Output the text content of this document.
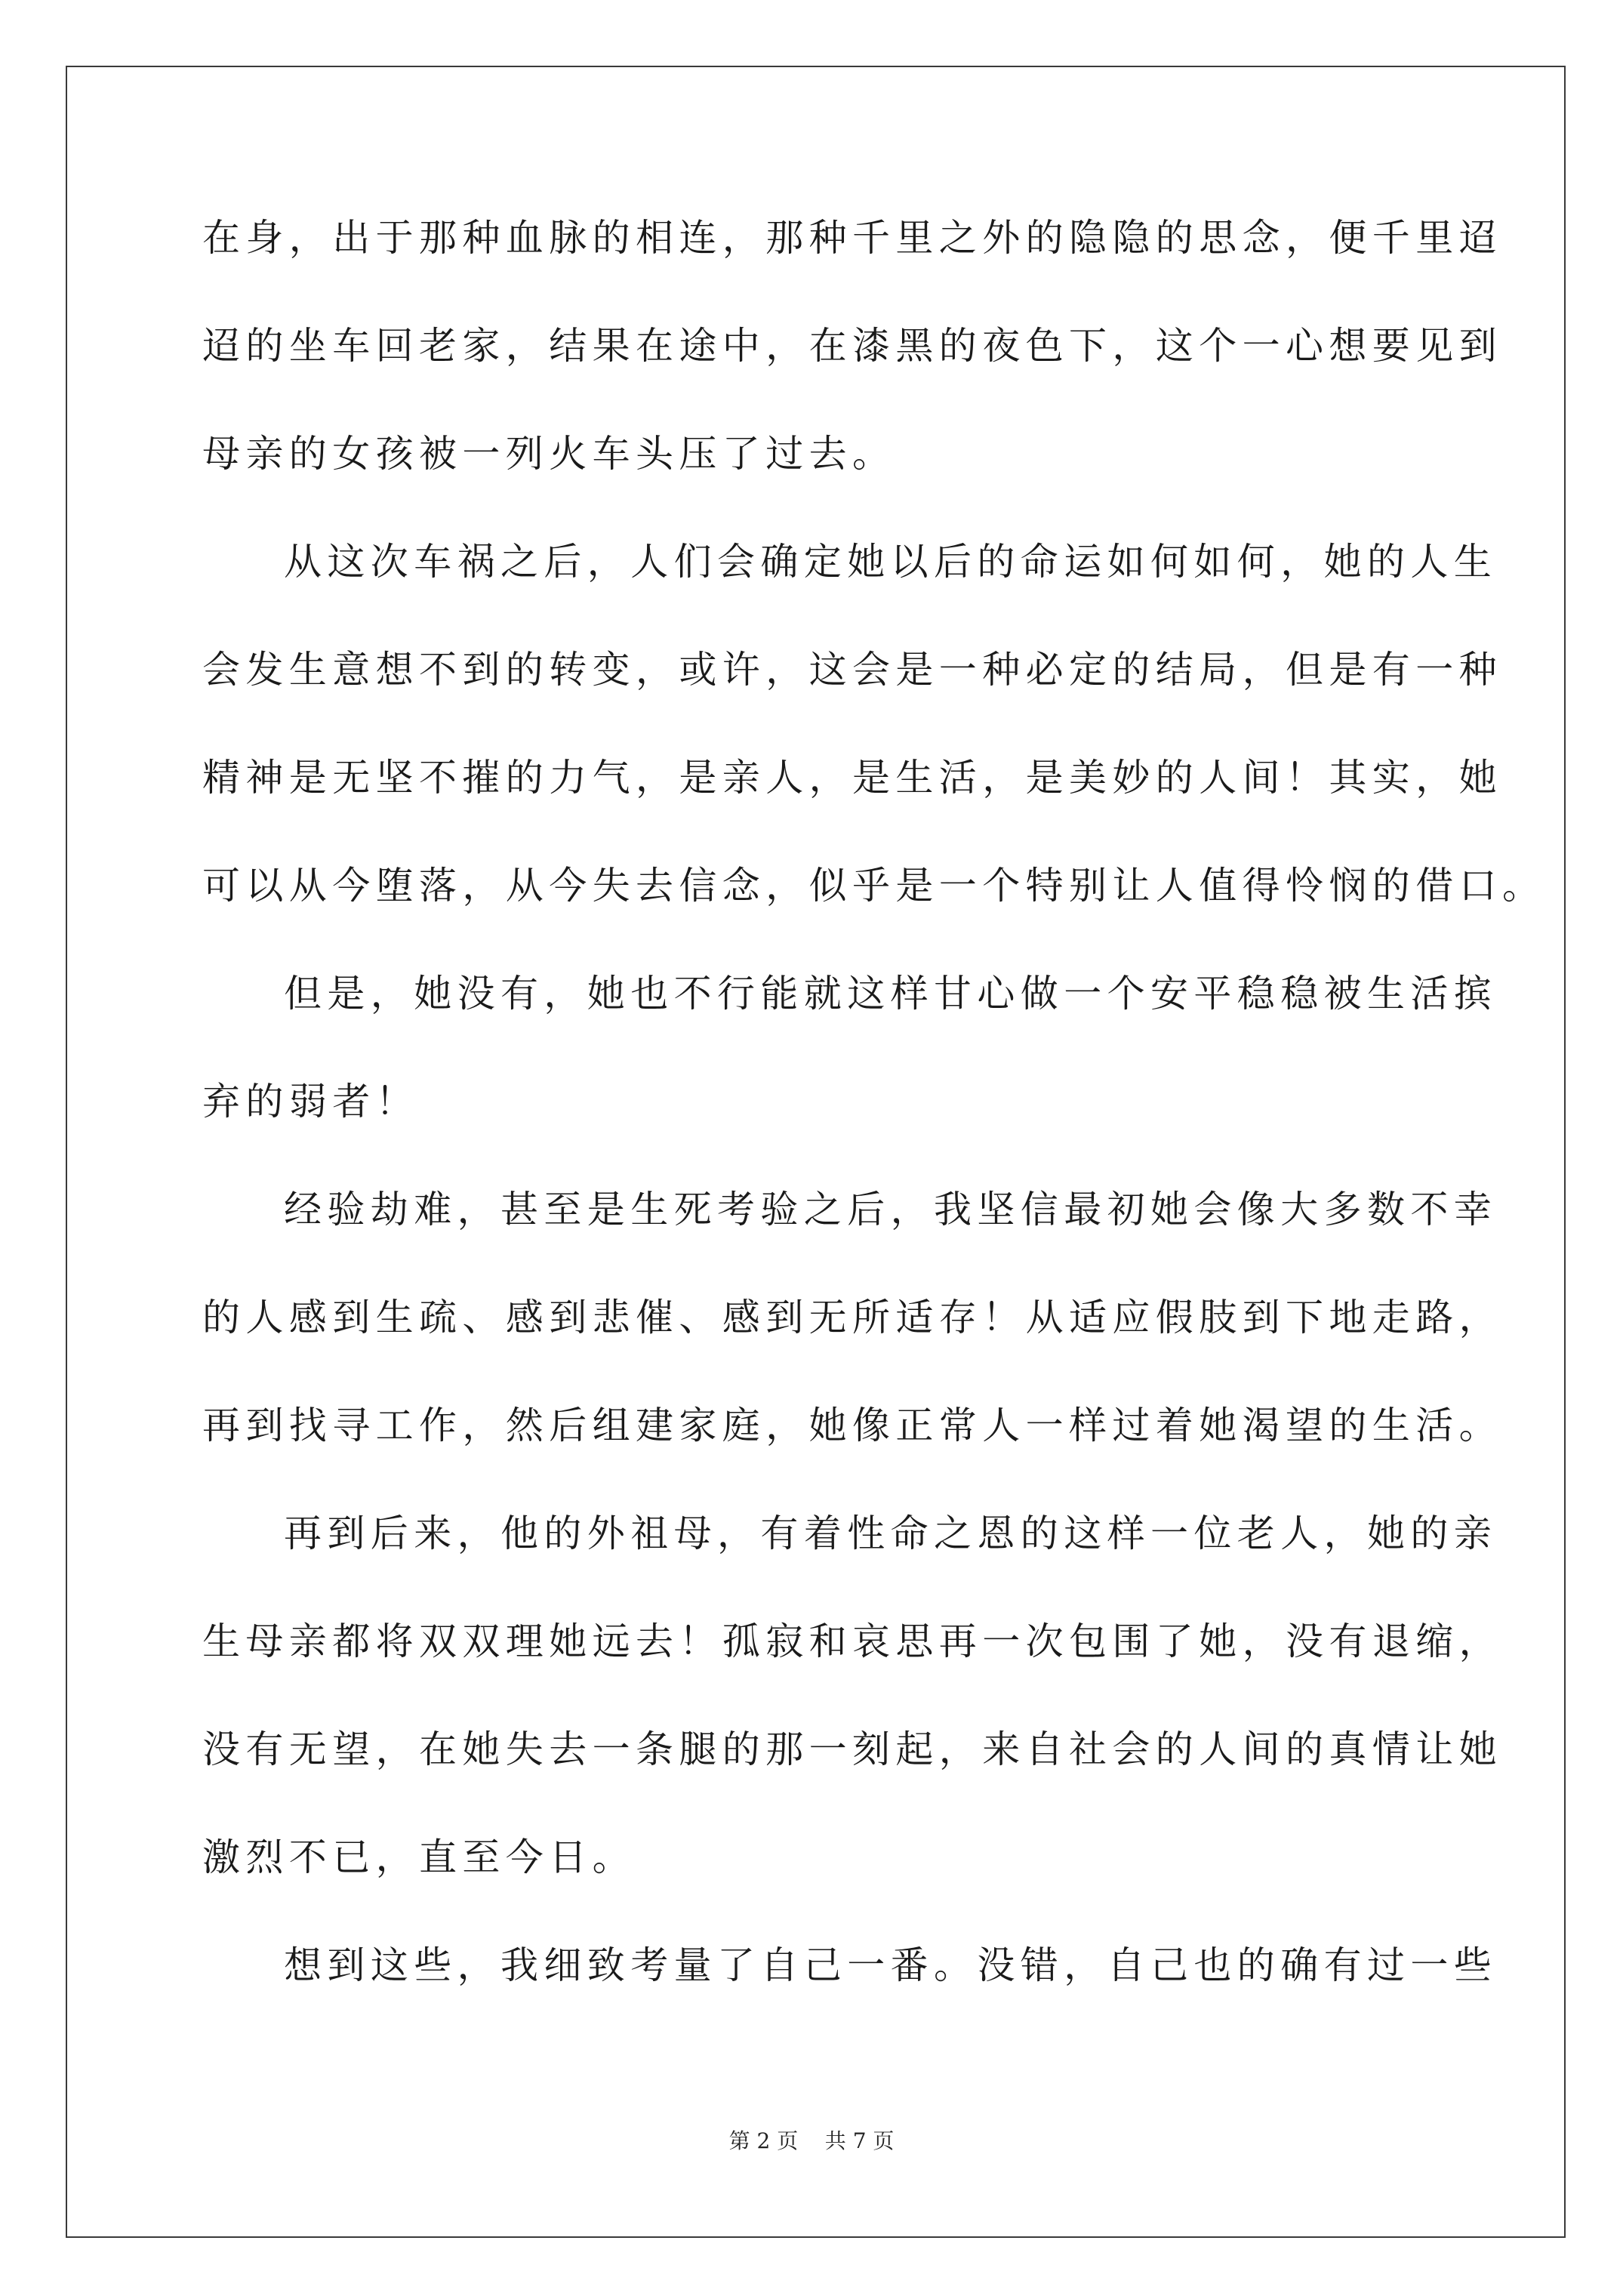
在身，出于那种血脉的相连，那种千里之外的隐隐的思念，便千里迢
迢的坐车回老家，结果在途中，在漆黑的夜色下，这个一心想要见到
母亲的女孩被一列火车头压了过去。
从这次车祸之后，人们会确定她以后的命运如何如何，她的人生
会发生意想不到的转变，或许，这会是一种必定的结局，但是有一种
精神是无坚不摧的力气，是亲人，是生活，是美妙的人间！其实，她
可以从今堕落，从今失去信念，似乎是一个特别让人值得怜悯的借口。
但是，她没有，她也不行能就这样甘心做一个安平稳稳被生活摈
弃的弱者！
经验劫难，甚至是生死考验之后，我坚信最初她会像大多数不幸
的人感到生疏、感到悲催、感到无所适存！从适应假肢到下地走路，
再到找寻工作，然后组建家庭，她像正常人一样过着她渴望的生活。
再到后来，他的外祖母，有着性命之恩的这样一位老人，她的亲
生母亲都将双双理她远去！孤寂和哀思再一次包围了她，没有退缩，
没有无望，在她失去一条腿的那一刻起，来自社会的人间的真情让她
激烈不已，直至今日。
想到这些，我细致考量了自己一番。没错，自己也的确有过一些
第 2 页    共 7 页
